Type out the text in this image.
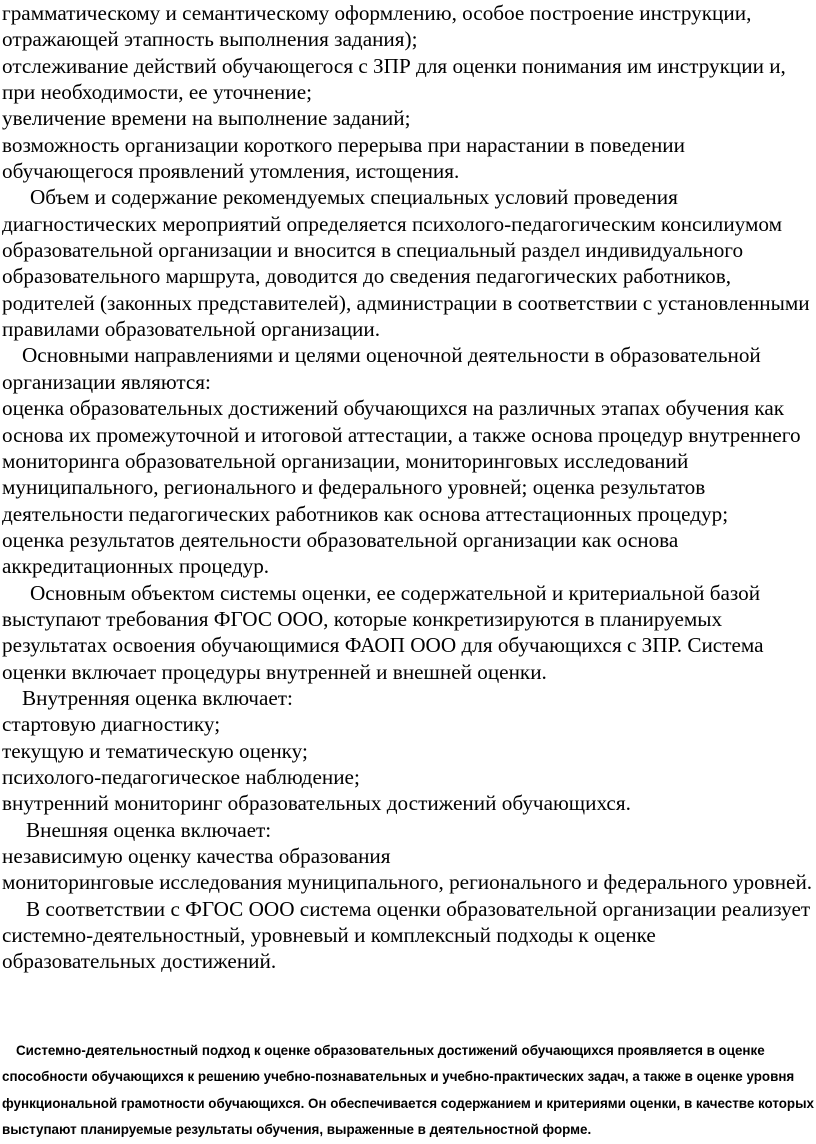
грамматическому и семантическому оформлению, особое построение инструкции, отражающей этапность выполнения задания);

отслеживание действий обучающегося с ЗПР для оценки понимания им инструкции и, при необходимости, ее уточнение;

увеличение времени на выполнение заданий;

возможность организации короткого перерыва при нарастании в поведении обучающегося проявлений утомления, истощения.

Объем и содержание рекомендуемых специальных условий проведения диагностических мероприятий определяется психолого-педагогическим консилиумом образовательной организации и вносится в специальный раздел индивидуального образовательного маршрута, доводится до сведения педагогических работников, родителей (законных представителей), администрации в соответствии с установленными правилами образовательной организации.

Основными направлениями и целями оценочной деятельности в образовательной организации являются:

оценка образовательных достижений обучающихся на различных этапах обучения как основа их промежуточной и итоговой аттестации, а также основа процедур внутреннего мониторинга образовательной организации, мониторинговых исследований муниципального, регионального и федерального уровней; оценка результатов деятельности педагогических работников как основа аттестационных процедур;

оценка результатов деятельности образовательной организации как основа аккредитационных процедур.

Основным объектом системы оценки, ее содержательной и критериальной базой выступают требования ФГОС ООО, которые конкретизируются в планируемых результатах освоения обучающимися ФАОП ООО для обучающихся с ЗПР. Система оценки включает процедуры внутренней и внешней оценки.

Внутренняя оценка включает:

стартовую диагностику;

текущую и тематическую оценку;

психолого-педагогическое наблюдение;

внутренний мониторинг образовательных достижений обучающихся.

Внешняя оценка включает:

независимую оценку качества образования

мониторинговые исследования муниципального, регионального и федерального уровней.

В соответствии с ФГОС ООО система оценки образовательной организации реализует системно-деятельностный, уровневый и комплексный подходы к оценке образовательных достижений.

Системно-деятельностный подход к оценке образовательных достижений обучающихся проявляется в оценке способности обучающихся к решению учебно-познавательных и учебно-практических задач, а также в оценке уровня функциональной грамотности обучающихся. Он обеспечивается содержанием и критериями оценки, в качестве которых выступают планируемые результаты обучения, выраженные в деятельностной форме.
